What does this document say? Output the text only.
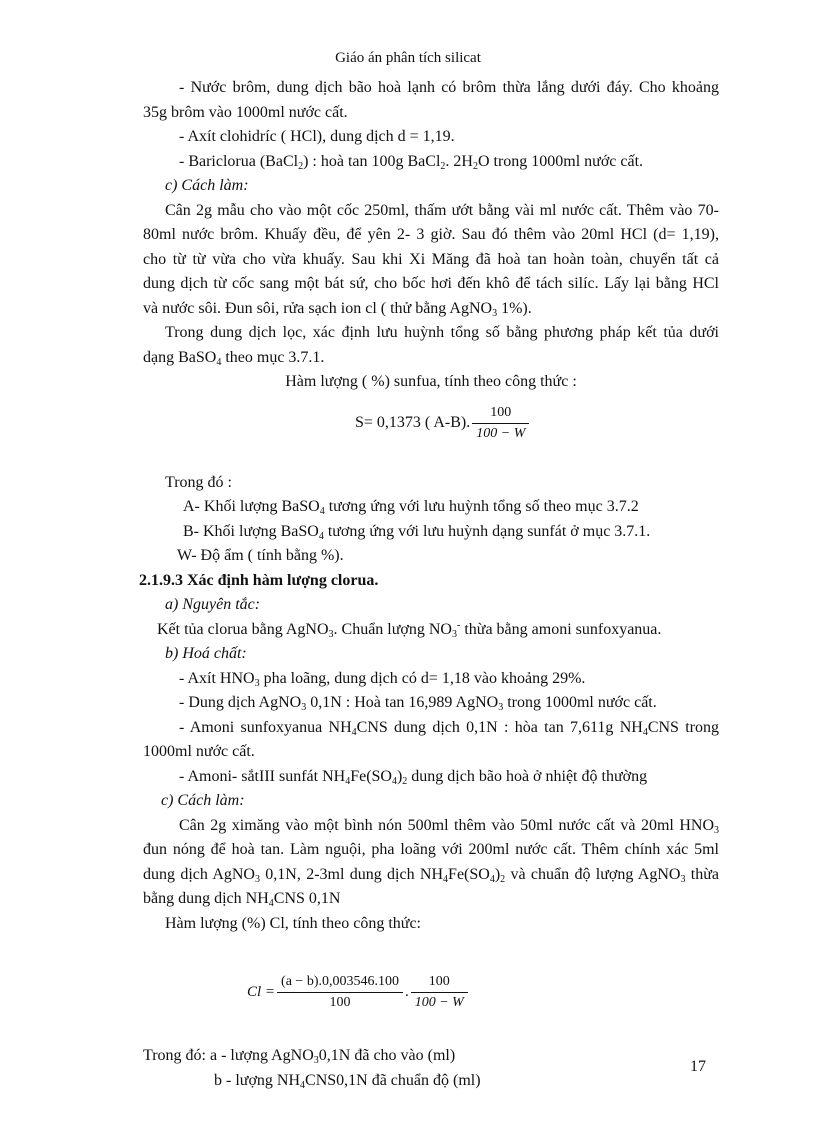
Giáo án phân tích silicat

- Nước brôm, dung dịch bão hoà lạnh có brôm thừa lắng dưới đáy. Cho khoảng

35g brôm vào 1000ml nước cất.

- Axít clohidríc ( HCl), dung dịch d = 1,19.

- Bariclorua (BaCl$_2$) : hoà tan 100g BaCl$_2$. $2H_2O$ trong 1000ml nước cất.

c) Cách làm:

Cân 2g mẫu cho vào một cốc 250ml, thấm ướt bằng vài ml nước cất. Thêm vào 70-

80ml nước brôm. Khuấy đều, để yên 2- 3 giờ. Sau đó thêm vào 20ml HCl (d= 1,19),

cho từ từ vừa cho vừa khuấy. Sau khi Xi Măng đã hoà tan hoàn toàn, chuyển tất cả

dung dịch từ cốc sang một bát sứ, cho bốc hơi đến khô để tách silíc. Lấy lại bằng HCl

và nước sôi. Đun sôi, rửa sạch ion cl ( thử bằng AgNO$_3$ 1%).

Trong dung dịch lọc, xác định lưu huỳnh tổng số bằng phương pháp kết tủa dưới

dạng BaSO$_4$ theo mục 3.7.1.

Hàm lượng ( %) sunfua, tính theo công thức :

S= 0,1373 ( A-B). $\frac{100}{100 - W}$

Trong đó :

A- Khối lượng BaSO$_4$ tương ứng với lưu huỳnh tổng số theo mục 3.7.2

B- Khối lượng BaSO$_4$ tương ứng với lưu huỳnh dạng sunfát ở mục 3.7.1.

W- Độ ẩm ( tính bằng %).

2.1.9.3 Xác định hàm lượng clorua.

a) Nguyên tắc:

Kết tủa clorua bằng AgNO$_3$. Chuẩn lượng $NO_3^-$ thừa bằng amoni sunfoxyanua.

b) Hoá chất:

- Axít $HNO_3$ pha loãng, dung dịch có d= 1,18 vào khoảng 29%.

- Dung dịch AgNO$_3$ 0,1N : Hoà tan 16,989 AgNO$_3$ trong 1000ml nước cất.

- Amoni sunfoxyanua $NH_4CNS$ dung dịch 0,1N : hòa tan 7,611g $NH_4CNS$ trong

1000ml nước cất.

- Amoni- sắtIII sunfát $NH_4Fe(SO_4)_2$ dung dịch bão hoà ở nhiệt độ thường

c) Cách làm:

Cân 2g ximăng vào một bình nón 500ml thêm vào 50ml nước cất và 20ml $HNO_3$

đun nóng để hoà tan. Làm nguội, pha loãng với 200ml nước cất. Thêm chính xác 5ml

dung dịch AgNO$_3$ 0,1N, 2-3ml dung dịch $NH_4Fe(SO_4)_2$ và chuẩn độ lượng AgNO$_3$ thừa

bằng dung dịch $NH_4CNS$ 0,1N

Hàm lượng (%) Cl, tính theo công thức:

$Cl = \frac{(a - b).0,003546.100}{100}$ . $\frac{100}{100 - W}$

Trong đó: a - lượng AgNO$_3$0,1N đã cho vào (ml)

b - lượng $NH_4CNS0,1N$ đã chuẩn độ (ml)

17
